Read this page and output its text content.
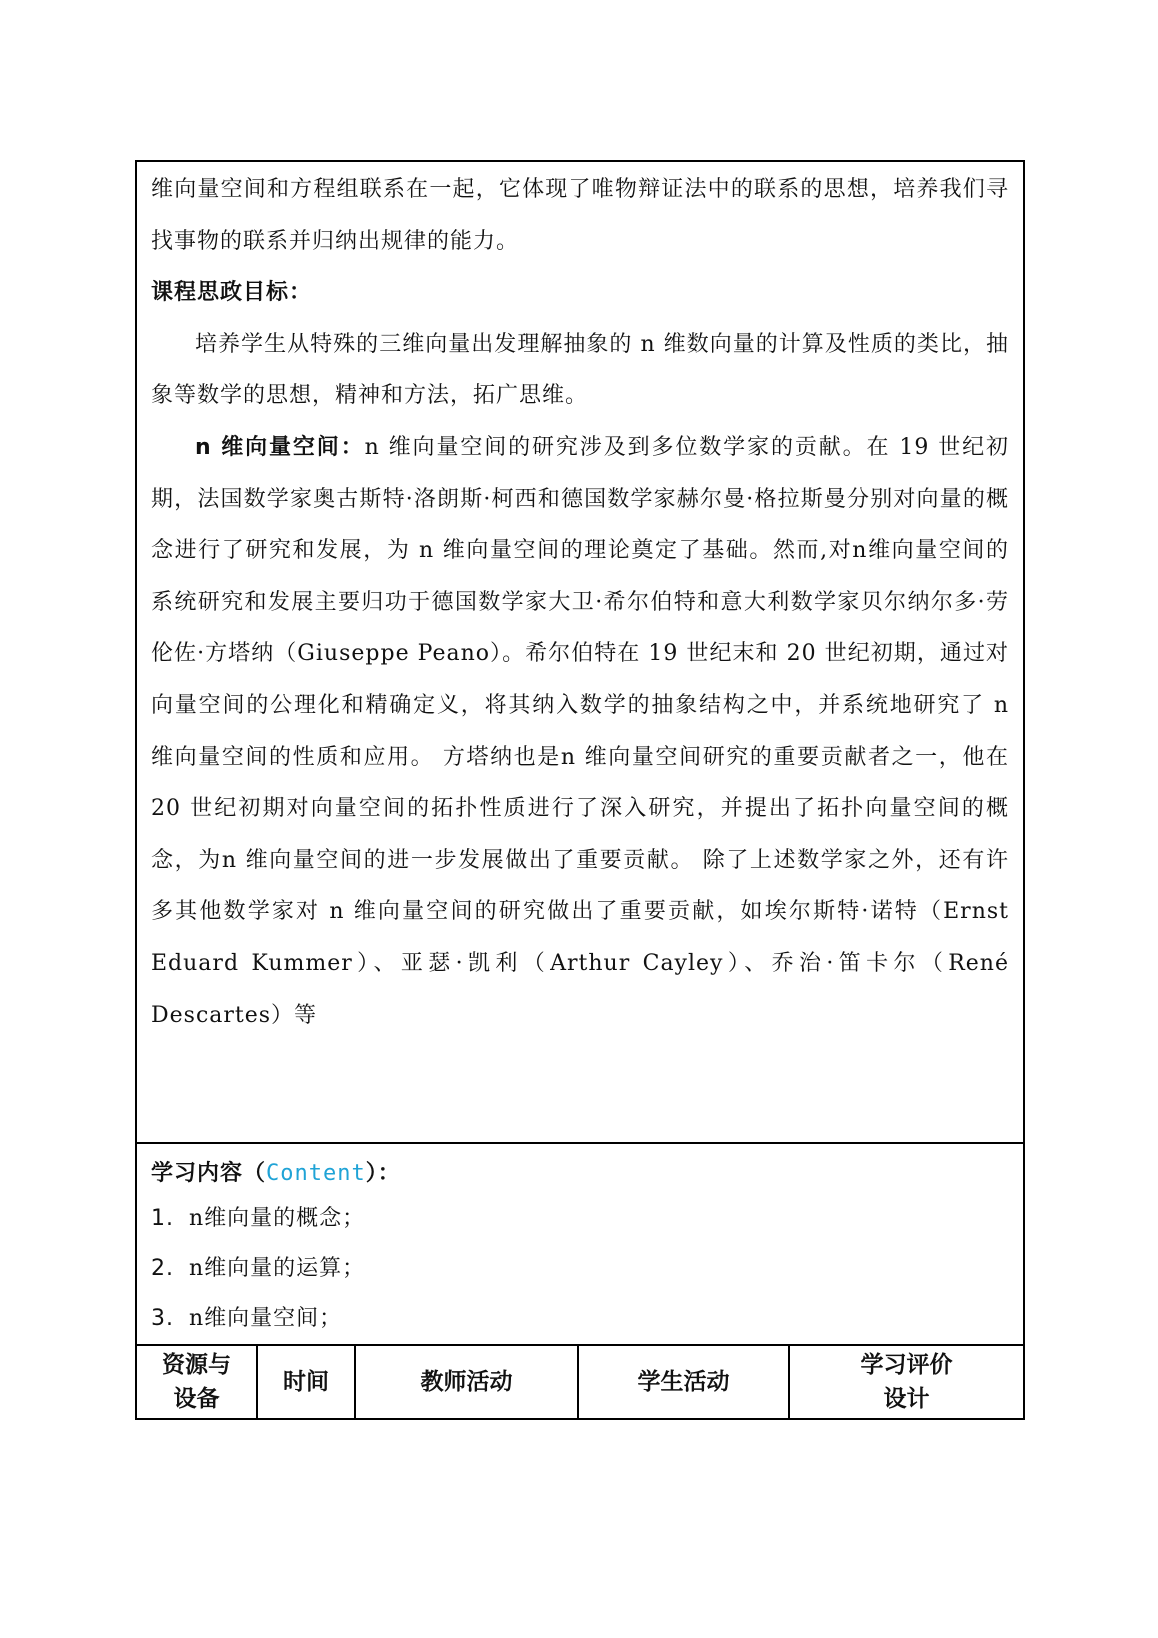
维向量空间和方程组联系在一起，它体现了唯物辩证法中的联系的思想，培养我们寻找事物的联系并归纳出规律的能力。

课程思政目标：

培养学生从特殊的三维向量出发理解抽象的 n 维数向量的计算及性质的类比，抽象等数学的思想，精神和方法，拓广思维。

n 维向量空间：n 维向量空间的研究涉及到多位数学家的贡献。在 19 世纪初期，法国数学家奥古斯特·洛朗斯·柯西和德国数学家赫尔曼·格拉斯曼分别对向量的概念进行了研究和发展，为 n 维向量空间的理论奠定了基础。然而,对n维向量空间的系统研究和发展主要归功于德国数学家大卫·希尔伯特和意大利数学家贝尔纳尔多·劳伦佐·方塔纳（Giuseppe Peano）。希尔伯特在 19 世纪末和 20 世纪初期，通过对向量空间的公理化和精确定义，将其纳入数学的抽象结构之中，并系统地研究了 n 维向量空间的性质和应用。 方塔纳也是n 维向量空间研究的重要贡献者之一，他在 20 世纪初期对向量空间的拓扑性质进行了深入研究，并提出了拓扑向量空间的概念，为n 维向量空间的进一步发展做出了重要贡献。 除了上述数学家之外，还有许多其他数学家对 n 维向量空间的研究做出了重要贡献，如埃尔斯特·诺特（Ernst Eduard Kummer）、亚瑟·凯利（Arthur Cayley）、乔治·笛卡尔（René Descartes）等

学习内容（Content）：
1. n维向量的概念；
2. n维向量的运算；
3. n维向量空间；
资源与设备
时间	教师活动	学生活动
学习评价设计
